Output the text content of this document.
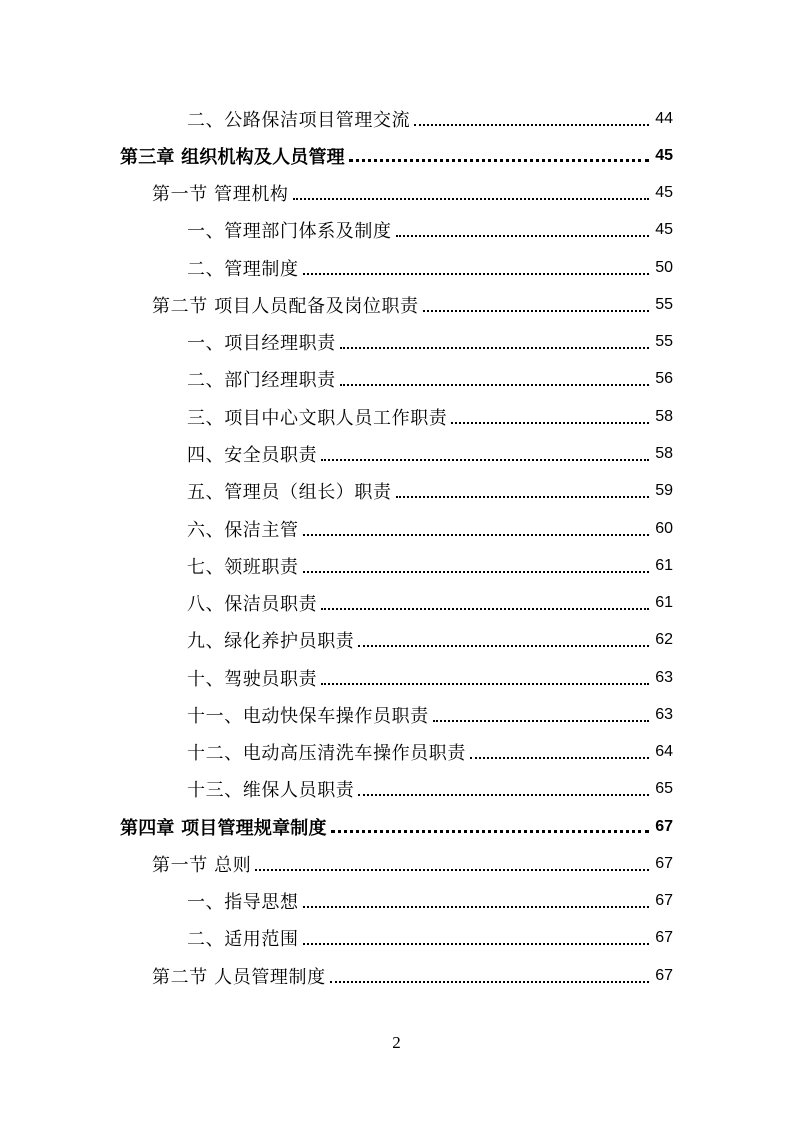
二、公路保洁项目管理交流	44
第三章 组织机构及人员管理	45
第一节 管理机构	45
一、管理部门体系及制度	45
二、管理制度	50
第二节 项目人员配备及岗位职责	55
一、项目经理职责	55
二、部门经理职责	56
三、项目中心文职人员工作职责	58
四、安全员职责	58
五、管理员（组长）职责	59
六、保洁主管	60
七、领班职责	61
八、保洁员职责	61
九、绿化养护员职责	62
十、驾驶员职责	63
十一、电动快保车操作员职责	63
十二、电动高压清洗车操作员职责	64
十三、维保人员职责	65
第四章 项目管理规章制度	67
第一节 总则	67
一、指导思想	67
二、适用范围	67
第二节 人员管理制度	67
2
